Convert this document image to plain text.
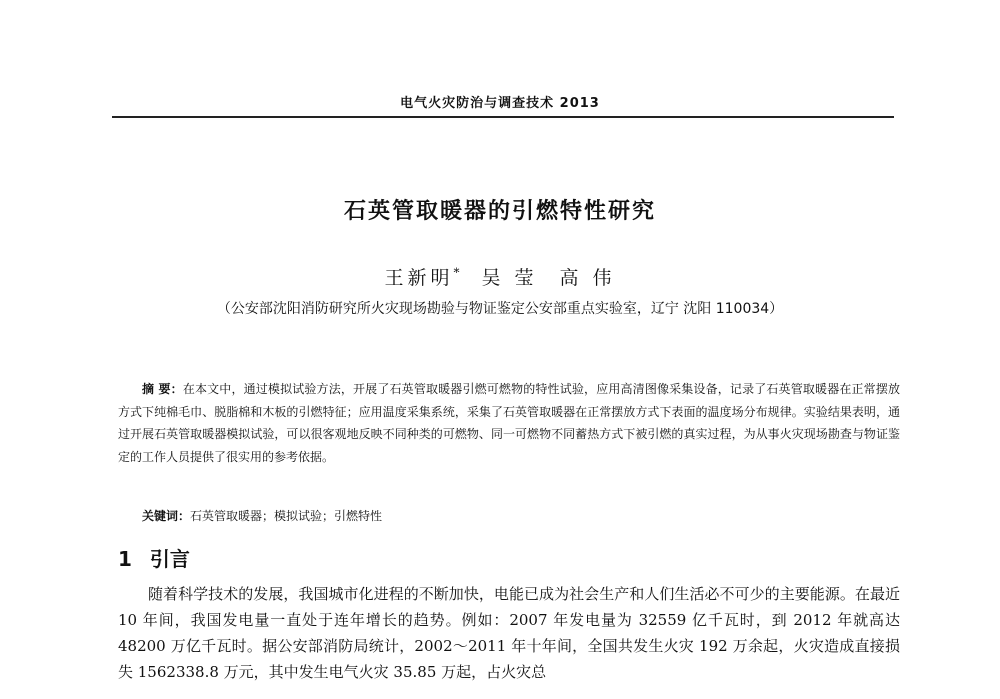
电气火灾防治与调查技术 2013
石英管取暖器的引燃特性研究
王新明* 吴 莹 高 伟
（公安部沈阳消防研究所火灾现场勘验与物证鉴定公安部重点实验室，辽宁 沈阳 110034）

摘 要：在本文中，通过模拟试验方法，开展了石英管取暖器引燃可燃物的特性试验，应用高清图像采集设备，记录了石英管取暖器在正常摆放方式下纯棉毛巾、脱脂棉和木板的引燃特征；应用温度采集系统，采集了石英管取暖器在正常摆放方式下表面的温度场分布规律。实验结果表明，通过开展石英管取暖器模拟试验，可以很客观地反映不同种类的可燃物、同一可燃物不同蓄热方式下被引燃的真实过程，为从事火灾现场勘查与物证鉴定的工作人员提供了很实用的参考依据。

关键词：石英管取暖器；模拟试验；引燃特性
1 引言

随着科学技术的发展，我国城市化进程的不断加快，电能已成为社会生产和人们生活必不可少的主要能源。在最近 10 年间，我国发电量一直处于连年增长的趋势。例如：2007 年发电量为 32559 亿千瓦时，到 2012 年就高达 48200 万亿千瓦时。据公安部消防局统计，2002～2011 年十年间，全国共发生火灾 192 万余起，火灾造成直接损失 1562338.8 万元，其中发生电气火灾 35.85 万起，占火灾总
